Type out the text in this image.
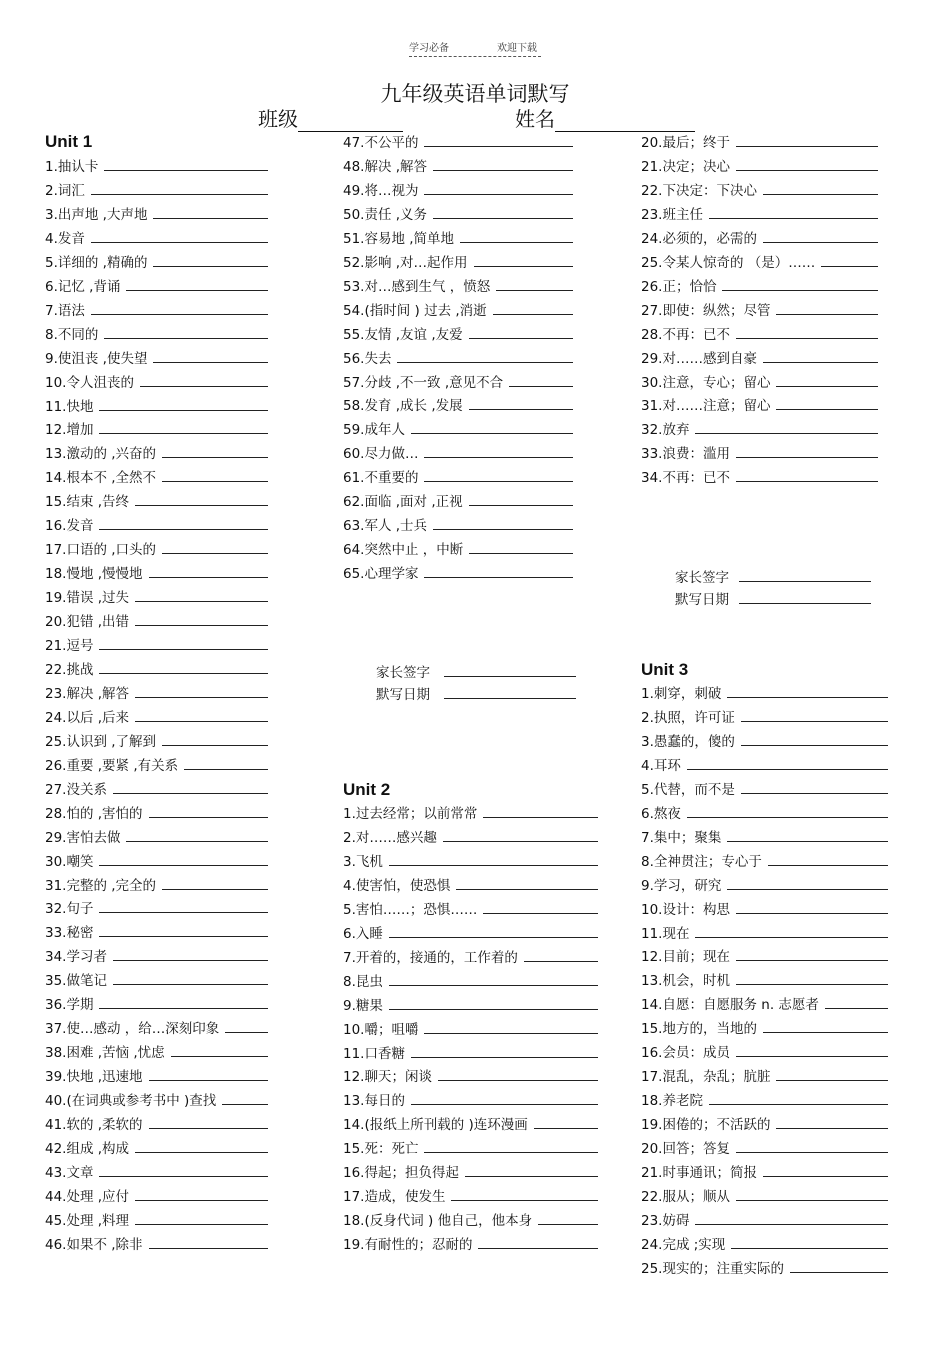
学习必备	欢迎下载
九年级英语单词默写
班级	姓名
Unit 1
1.抽认卡
2.词汇
3.出声地 ,大声地
4.发音
5.详细的 ,精确的
6.记忆 ,背诵
7.语法
8.不同的
9.使沮丧 ,使失望
10.令人沮丧的
11.快地
12.增加
13.激动的 ,兴奋的
14.根本不 ,全然不
15.结束 ,告终
16.发音
17.口语的 ,口头的
18.慢地 ,慢慢地
19.错误 ,过失
20.犯错 ,出错
21.逗号
22.挑战
23.解决 ,解答
24.以后 ,后来
25.认识到 ,了解到
26.重要 ,要紧 ,有关系
27.没关系
28.怕的 ,害怕的
29.害怕去做
30.嘲笑
31.完整的 ,完全的
32.句子
33.秘密
34.学习者
35.做笔记
36.学期
37.使…感动 ，给…深刻印象
38.困难 ,苦恼 ,忧虑
39.快地 ,迅速地
40.(在词典或参考书中 )查找
41.软的 ,柔软的
42.组成 ,构成
43.文章
44.处理 ,应付
45.处理 ,料理
46.如果不 ,除非
47.不公平的
48.解决 ,解答
49.将…视为
50.责任 ,义务
51.容易地 ,简单地
52.影响 ,对…起作用
53.对…感到生气 ，愤怒
54.(指时间 ) 过去 ,消逝
55.友情 ,友谊 ,友爱
56.失去
57.分歧 ,不一致 ,意见不合
58.发育 ,成长 ,发展
59.成年人
60.尽力做…
61.不重要的
62.面临 ,面对 ,正视
63.军人 ,士兵
64.突然中止 ，中断
65.心理学家
家长签字
默写日期
Unit 2
1.过去经常；以前常常
2.对……感兴趣
3.飞机
4.使害怕，使恐惧
5.害怕……；恐惧……
6.入睡
7.开着的，接通的，工作着的
8.昆虫
9.糖果
10.嚼；咀嚼
11.口香糖
12.聊天；闲谈
13.每日的
14.(报纸上所刊载的 )连环漫画
15.死：死亡
16.得起；担负得起
17.造成，使发生
18.(反身代词 ) 他自己，他本身
19.有耐性的；忍耐的
20.最后；终于
21.决定；决心
22.下决定：下决心
23.班主任
24.必须的，必需的
25.令某人惊奇的 （是）……
26.正；恰恰
27.即使：纵然；尽管
28.不再：已不
29.对……感到自豪
30.注意，专心；留心
31.对……注意；留心
32.放弃
33.浪费：滥用
34.不再：已不
家长签字
默写日期
Unit 3
1.刺穿，刺破
2.执照，许可证
3.愚蠢的，傻的
4.耳环
5.代替，而不是
6.熬夜
7.集中；聚集
8.全神贯注；专心于
9.学习，研究
10.设计：构思
11.现在
12.目前；现在
13.机会，时机
14.自愿：自愿服务 n. 志愿者
15.地方的，当地的
16.会员：成员
17.混乱，杂乱；肮脏
18.养老院
19.困倦的；不活跃的
20.回答；答复
21.时事通讯；简报
22.服从；顺从
23.妨碍
24.完成 ;实现
25.现实的；注重实际的
